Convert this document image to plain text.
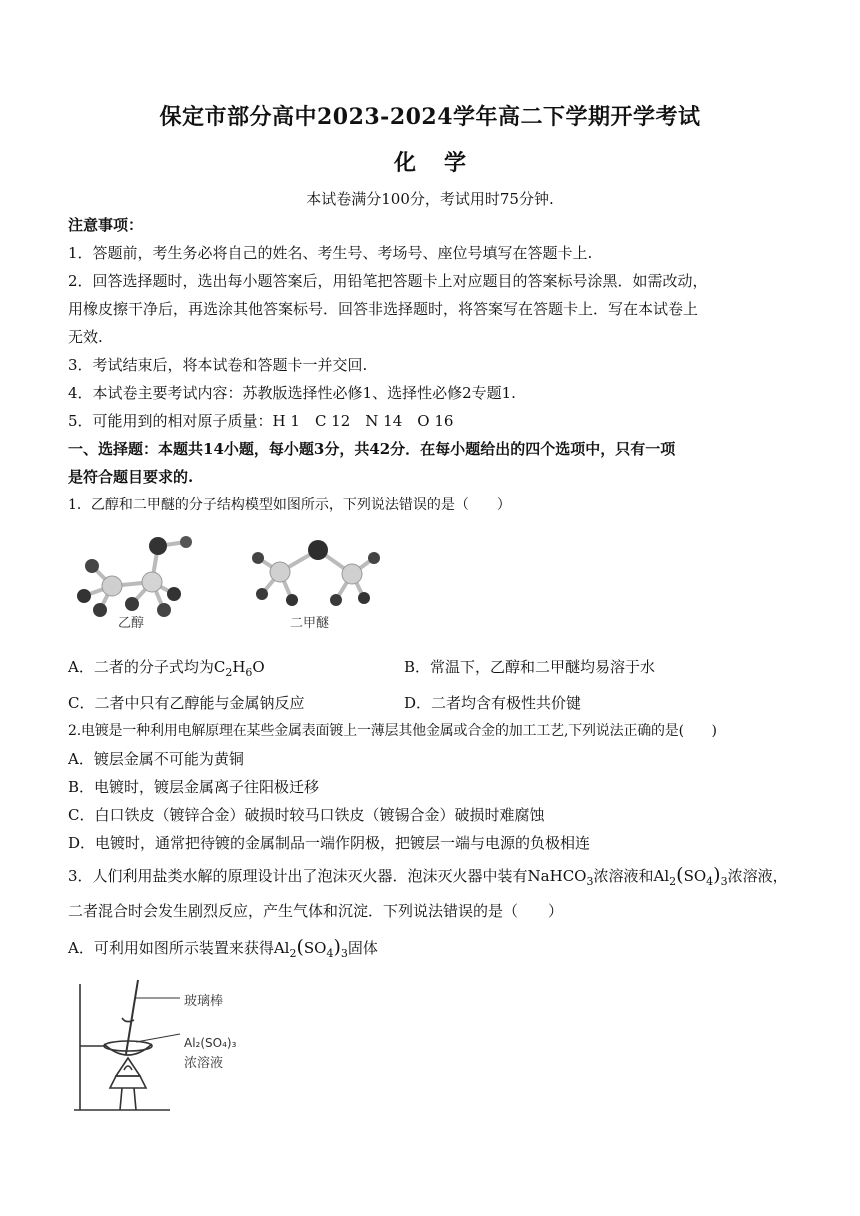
保定市部分高中2023-2024学年高二下学期开学考试
化学
本试卷满分100分，考试用时75分钟.
注意事项：
1．答题前，考生务必将自己的姓名、考生号、考场号、座位号填写在答题卡上.
2．回答选择题时，选出每小题答案后，用铅笔把答题卡上对应题目的答案标号涂黑．如需改动，
用橡皮擦干净后，再选涂其他答案标号．回答非选择题时，将答案写在答题卡上．写在本试卷上
无效.
3．考试结束后，将本试卷和答题卡一并交回.
4．本试卷主要考试内容：苏教版选择性必修1、选择性必修2专题1.
5．可能用到的相对原子质量：H 1　C 12　N 14　O 16
一、选择题：本题共14小题，每小题3分，共42分．在每小题给出的四个选项中，只有一项
是符合题目要求的.
1．乙醇和二甲醚的分子结构模型如图所示，下列说法错误的是（　　）
乙醇	二甲醚
A．二者的分子式均为$C_2H_6O$	B．常温下，乙醇和二甲醚均易溶于水
C．二者中只有乙醇能与金属钠反应	D．二者均含有极性共价键
2.电镀是一种利用电解原理在某些金属表面镀上一薄层其他金属或合金的加工工艺,下列说法正确的是(　　)
A．镀层金属不可能为黄铜
B．电镀时，镀层金属离子往阳极迁移
C．白口铁皮（镀锌合金）破损时较马口铁皮（镀锡合金）破损时难腐蚀
D．电镀时，通常把待镀的金属制品一端作阴极，把镀层一端与电源的负极相连
3．人们利用盐类水解的原理设计出了泡沫灭火器．泡沫灭火器中装有NaHCO$_3$浓溶液和$Al_2(SO_4)_3$浓溶液，
二者混合时会发生剧烈反应，产生气体和沉淀．下列说法错误的是（　　）
A．可利用如图所示装置来获得$Al_2(SO_4)_3$固体
玻璃棒
Al₂(SO₄)₃
浓溶液
